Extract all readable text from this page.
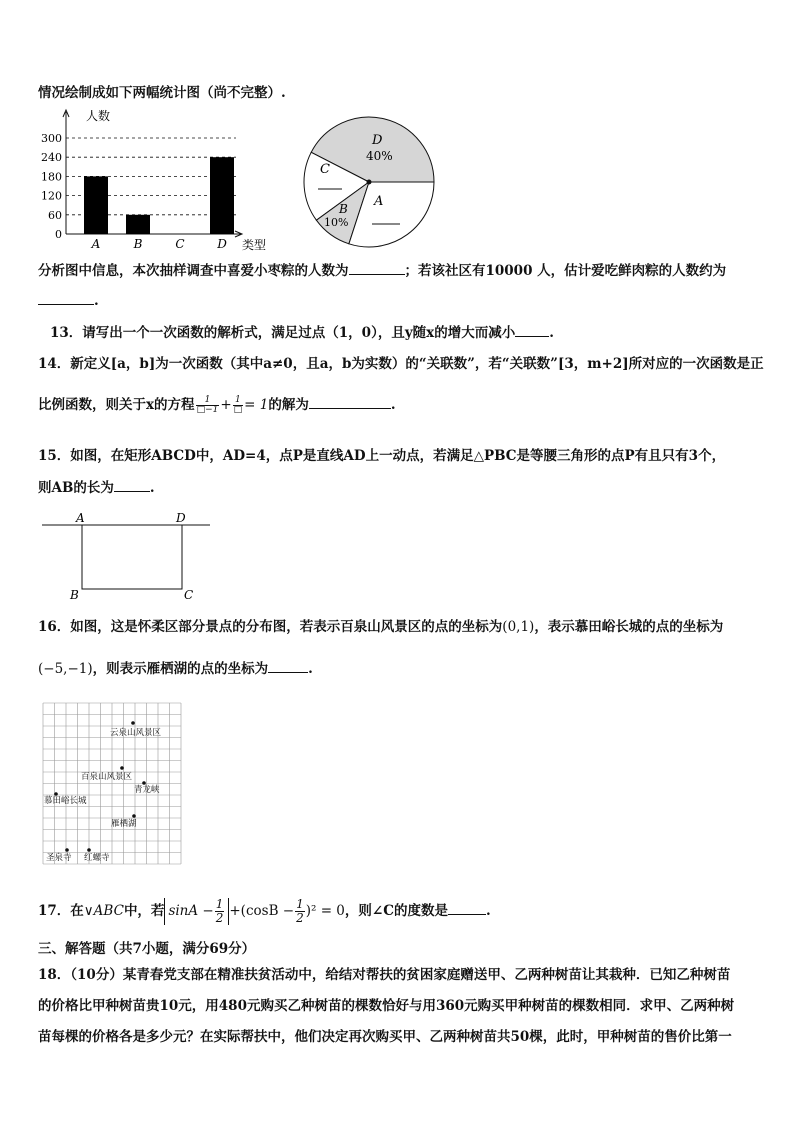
情况绘制成如下两幅统计图（尚不完整）.
300
240
180
120
60
0
A	B	C	D
人数
类型
D
40%
C
B
10%
A
分析图中信息，本次抽样调查中喜爱小枣粽的人数为	；若该社区有10000 人，估计爱吃鲜肉粽的人数约为
.
13．请写出一个一次函数的解析式，满足过点（1，0），且y随x的增大而减小	.
14．新定义[a，b]为一次函数（其中a≠0，且a，b为实数）的“关联数”，若“关联数”[3，m+2]所对应的一次函数是正
比例函数，则关于x的方程 $\frac{1}{□-1} + \frac{1}{□} = 1$的解为	.
15．如图，在矩形ABCD中，AD=4，点P是直线AD上一动点，若满足△PBC是等腰三角形的点P有且只有3个，
则AB的长为	.
A	D
B	C
16．如图，这是怀柔区部分景点的分布图，若表示百泉山风景区的点的坐标为(0,1)，表示慕田峪长城的点的坐标为
(−5,−1)，则表示雁栖湖的点的坐标为	.
云泉山风景区
百泉山风景区
青龙峡
慕田峪长城
雁栖湖
圣泉寺 红螺寺
17．在∨ABC中，若 $\sin A - \frac{1}{2} +(\cos B - \frac{1}{2} )^2 = 0$，则∠C的度数是	.
三、解答题（共7小题，满分69分）
18．（10分）某青春党支部在精准扶贫活动中，给结对帮扶的贫困家庭赠送甲、乙两种树苗让其栽种．已知乙种树苗
的价格比甲种树苗贵10元，用480元购买乙种树苗的棵数恰好与用360元购买甲种树苗的棵数相同．求甲、乙两种树
苗每棵的价格各是多少元？在实际帮扶中，他们决定再次购买甲、乙两种树苗共50棵，此时，甲种树苗的售价比第一
